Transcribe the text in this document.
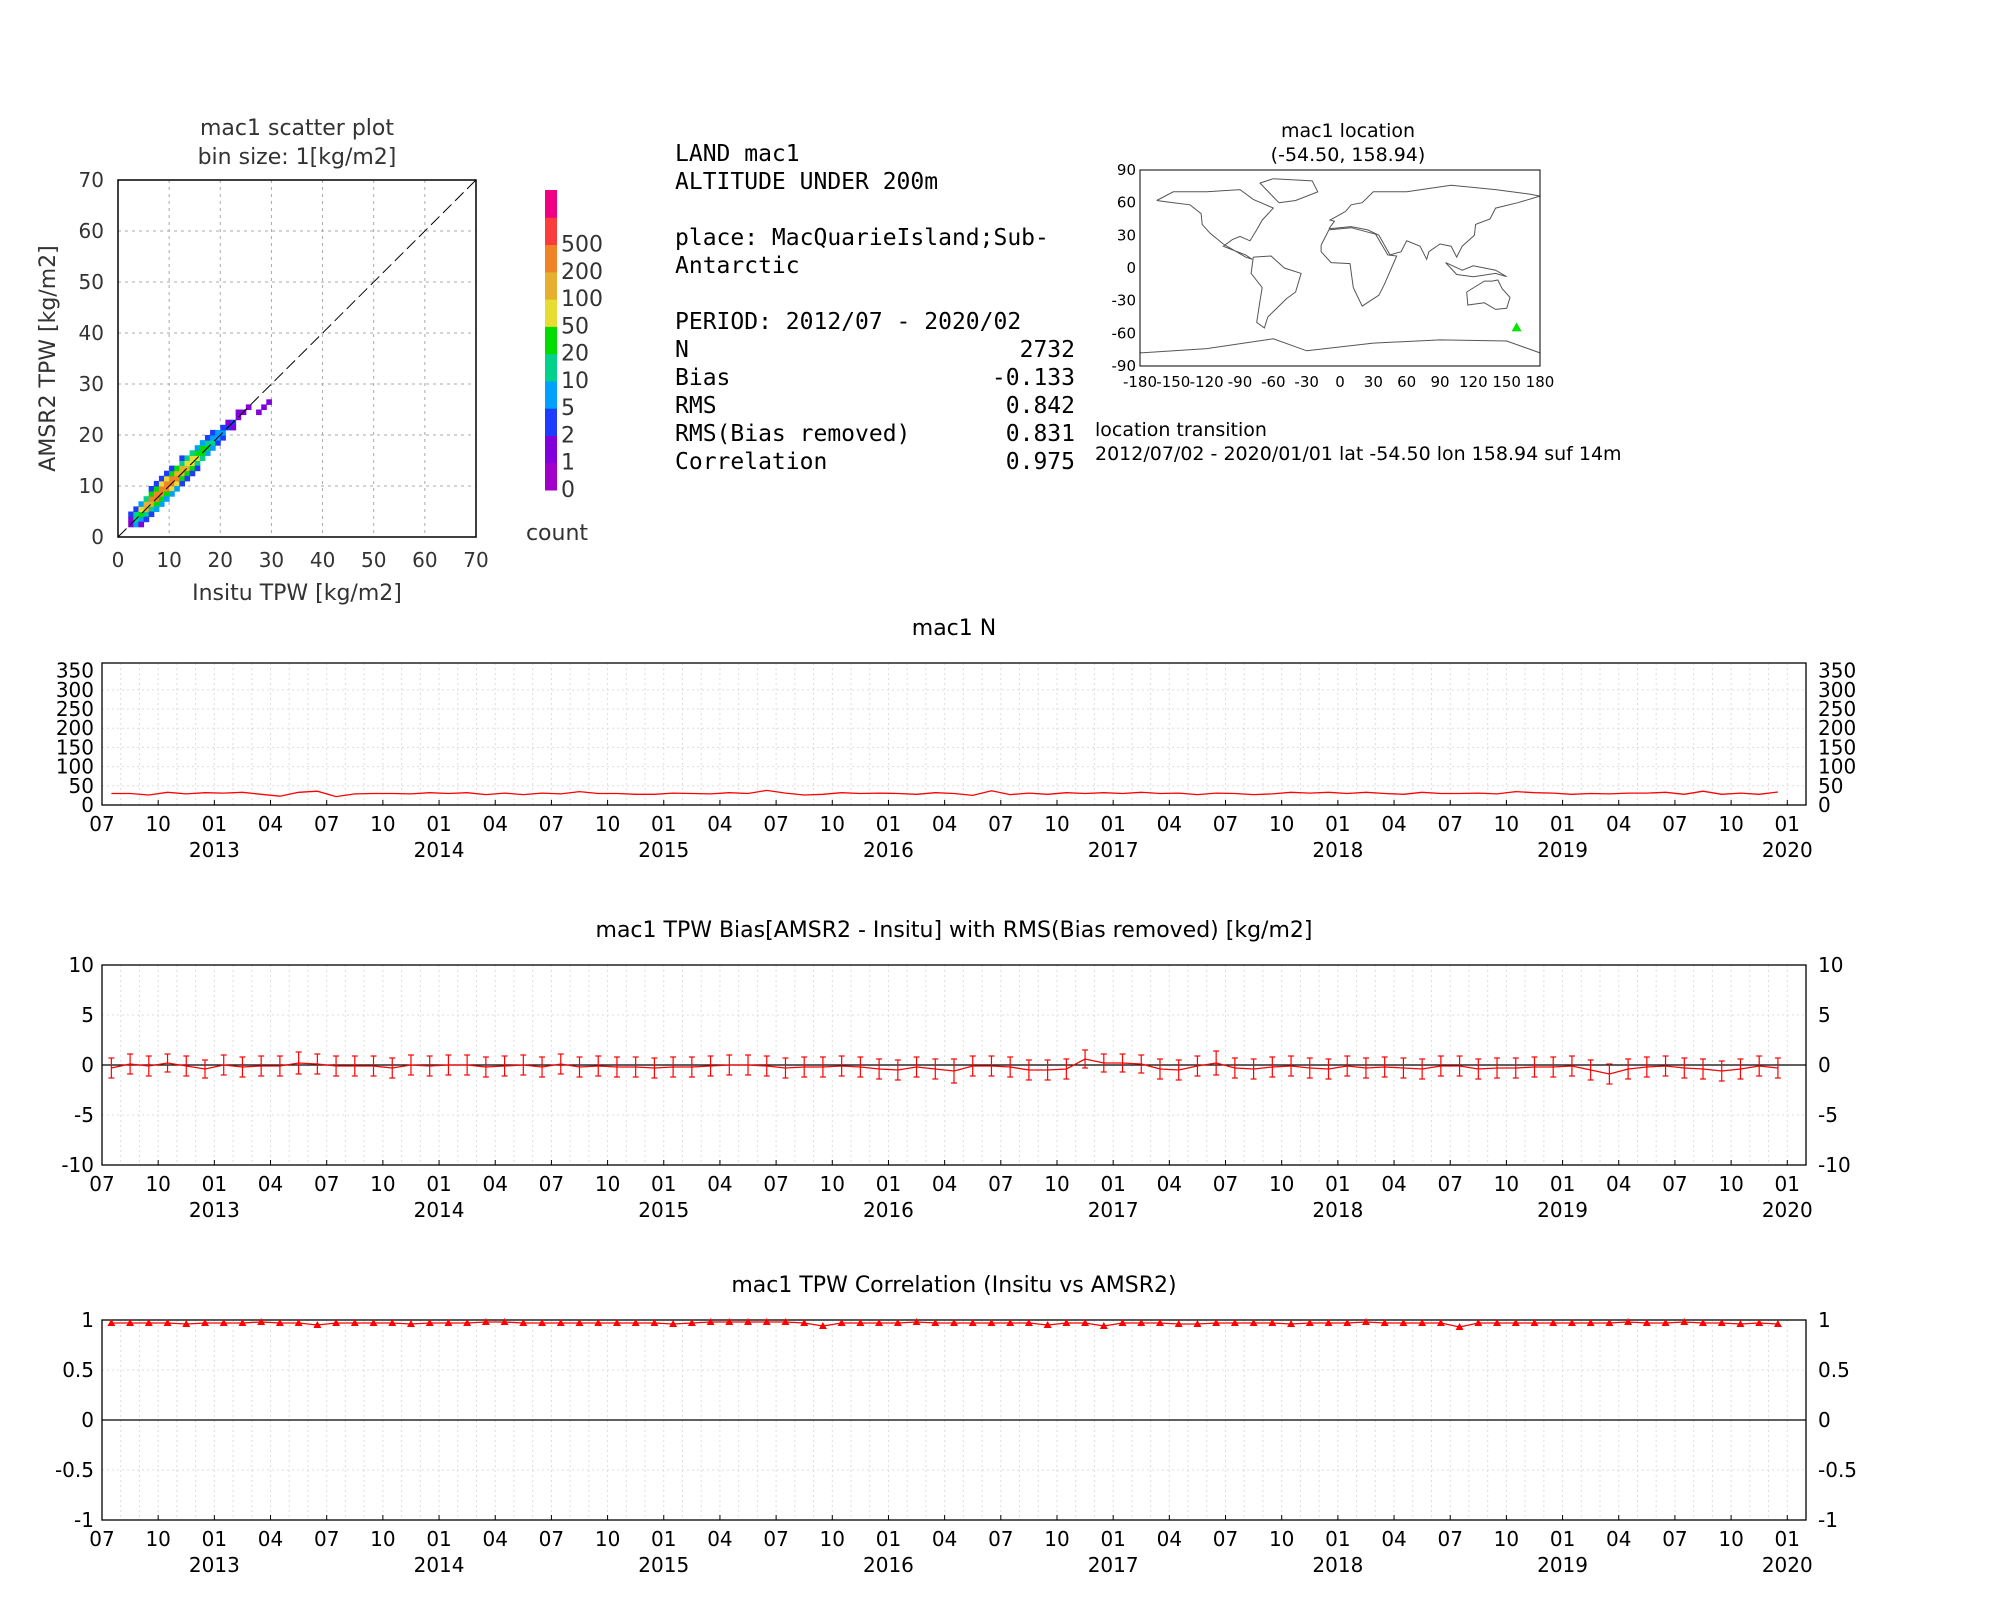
mac1 scatter plot
bin size: 1[kg/m2]
0
0
10
10
20
20
30
30
40
40
50
50
60
60
70
70
Insitu TPW [kg/m2]
AMSR2 TPW [kg/m2]
0
1
2
5
10
20
50
100
200
500
count
mac1 location
(-54.50, 158.94)
-180 -150 -120 -90 -60 -30 0 30 60 90 120 150 180
-90
-60
-30
0
30
60
90
LAND mac1
ALTITUDE UNDER 200m
place: MacQuarieIsland;Sub-Antarctic
PERIOD: 2012/07 - 2020/02
N	2732
Bias	-0.133
RMS	0.842
RMS(Bias removed)	0.831
Correlation	0.975
location transition
2012/07/02 - 2020/01/01 lat -54.50 lon 158.94 suf 14m
mac1 N
0	0
50	50
100	100
150	150
200	200
250	250
300	300
350	350
07 10 01 04 07 10 01 04 07 10 01 04 07 10 01 04 07 10 01 04 07 10 01 04 07 10 01 04 07 10 01
2013	2014	2015	2016	2017	2018	2019	2020
mac1 TPW Bias[AMSR2 - Insitu] with RMS(Bias removed) [kg/m2]
-10	-10
-5	-5
0	0
5	5
10	10
07 10 01 04 07 10 01 04 07 10 01 04 07 10 01 04 07 10 01 04 07 10 01 04 07 10 01 04 07 10 01
2013	2014	2015	2016	2017	2018	2019	2020
mac1 TPW Correlation (Insitu vs AMSR2)
-1	-1
-0.5	-0.5
0	0
0.5	0.5
1	1
07 10 01 04 07 10 01 04 07 10 01 04 07 10 01 04 07 10 01 04 07 10 01 04 07 10 01 04 07 10 01
2013	2014	2015	2016	2017	2018	2019	2020
